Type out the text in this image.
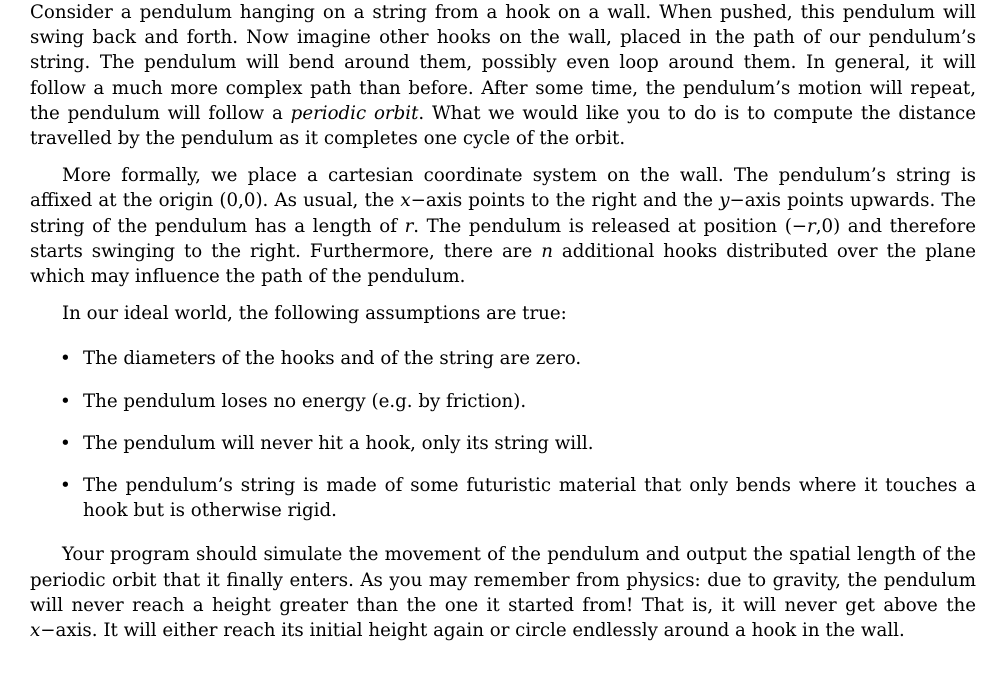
Consider a pendulum hanging on a string from a hook on a wall. When pushed, this pendulum will swing back and forth. Now imagine other hooks on the wall, placed in the path of our pendulum’s string. The pendulum will bend around them, possibly even loop around them. In general, it will follow a much more complex path than before. After some time, the pendulum’s motion will repeat, the pendulum will follow a periodic orbit. What we would like you to do is to compute the distance travelled by the pendulum as it completes one cycle of the orbit.

More formally, we place a cartesian coordinate system on the wall. The pendulum’s string is affixed at the origin (0,0). As usual, the x−axis points to the right and the y−axis points upwards. The string of the pendulum has a length of r. The pendulum is released at position (−r,0) and therefore starts swinging to the right. Furthermore, there are n additional hooks distributed over the plane which may influence the path of the pendulum.

In our ideal world, the following assumptions are true:

• The diameters of the hooks and of the string are zero.
• The pendulum loses no energy (e.g. by friction).
• The pendulum will never hit a hook, only its string will.
• The pendulum’s string is made of some futuristic material that only bends where it touches a hook but is otherwise rigid.

Your program should simulate the movement of the pendulum and output the spatial length of the periodic orbit that it finally enters. As you may remember from physics: due to gravity, the pendulum will never reach a height greater than the one it started from! That is, it will never get above the x−axis. It will either reach its initial height again or circle endlessly around a hook in the wall.
